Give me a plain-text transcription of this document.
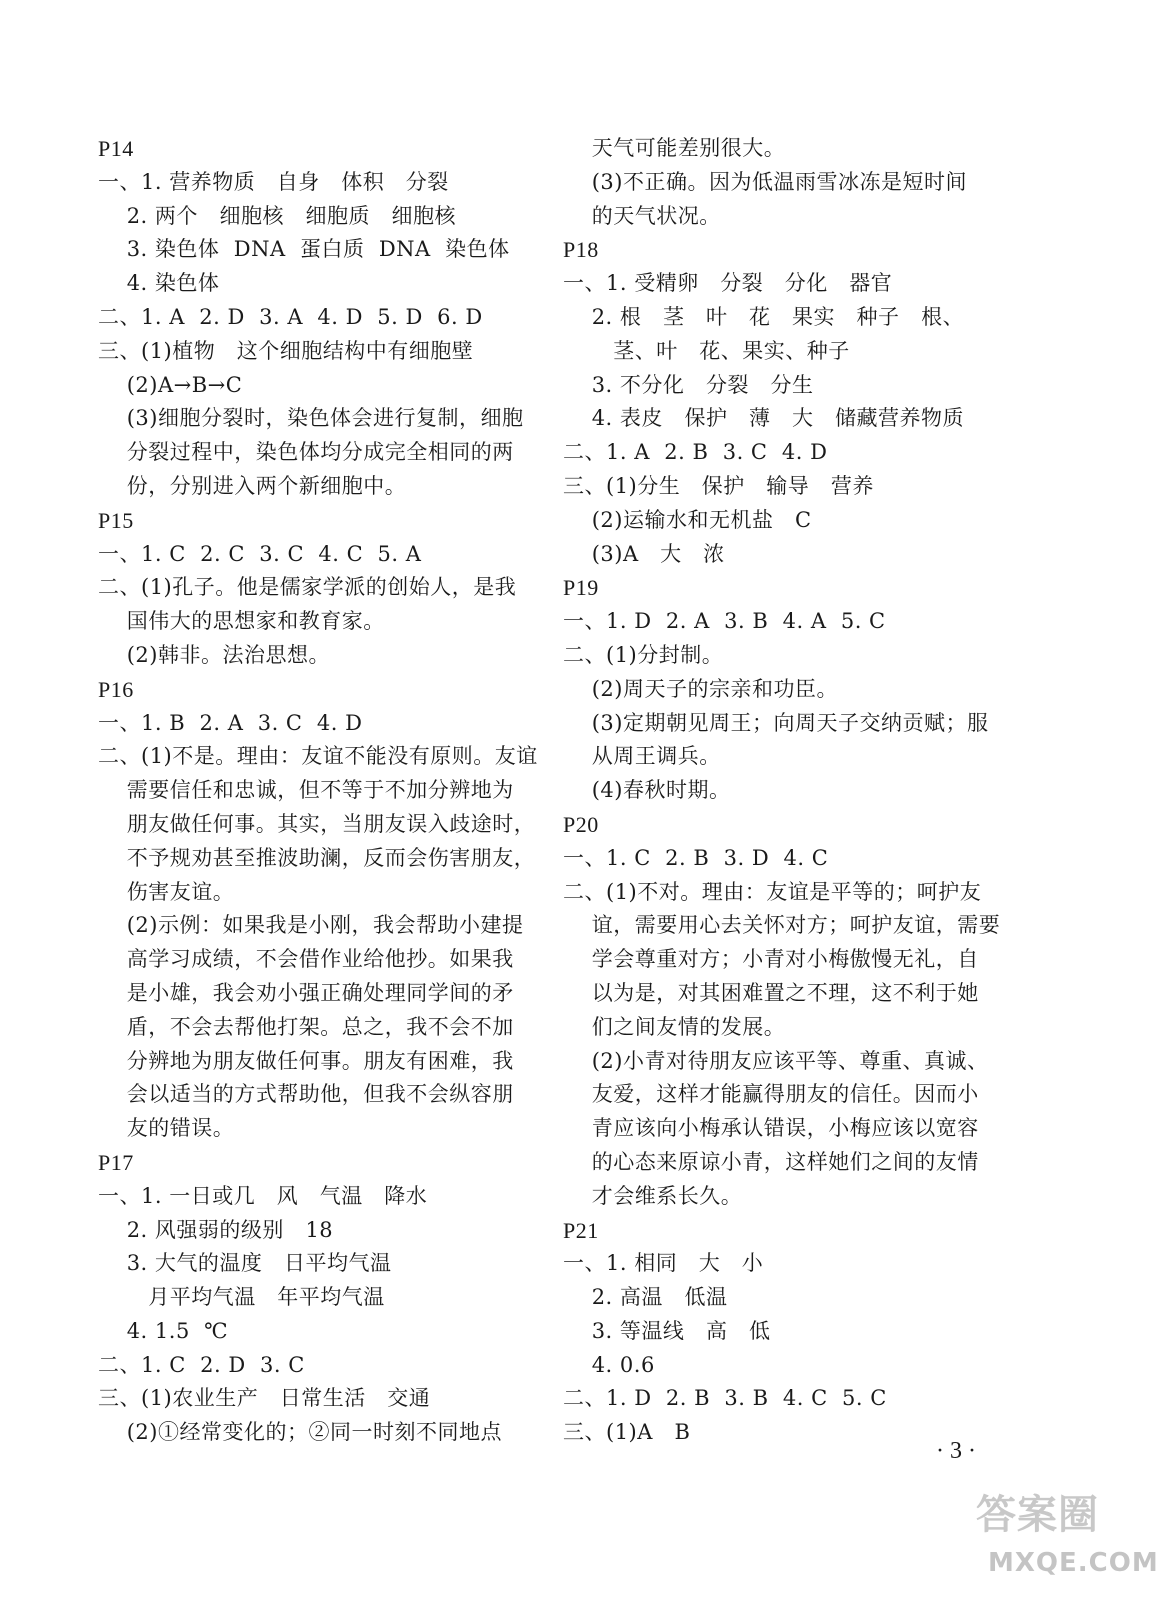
P14
一、1. 营养物质   自身   体积   分裂
2. 两个   细胞核   细胞质   细胞核
3. 染色体  DNA  蛋白质  DNA  染色体
4. 染色体
二、1. A  2. D  3. A  4. D  5. D  6. D
三、(1)植物   这个细胞结构中有细胞壁
(2)A→B→C
(3)细胞分裂时，染色体会进行复制，细胞
分裂过程中，染色体均分成完全相同的两
份，分别进入两个新细胞中。
P15
一、1. C  2. C  3. C  4. C  5. A
二、(1)孔子。他是儒家学派的创始人，是我
国伟大的思想家和教育家。
(2)韩非。法治思想。
P16
一、1. B  2. A  3. C  4. D
二、(1)不是。理由：友谊不能没有原则。友谊
需要信任和忠诚，但不等于不加分辨地为
朋友做任何事。其实，当朋友误入歧途时，
不予规劝甚至推波助澜，反而会伤害朋友，
伤害友谊。
(2)示例：如果我是小刚，我会帮助小建提
高学习成绩，不会借作业给他抄。如果我
是小雄，我会劝小强正确处理同学间的矛
盾，不会去帮他打架。总之，我不会不加
分辨地为朋友做任何事。朋友有困难，我
会以适当的方式帮助他，但我不会纵容朋
友的错误。
P17
一、1. 一日或几   风   气温   降水
2. 风强弱的级别   18
3. 大气的温度   日平均气温
月平均气温   年平均气温
4. 1.5  ℃
二、1. C  2. D  3. C
三、(1)农业生产   日常生活   交通
(2)①经常变化的；②同一时刻不同地点
天气可能差别很大。
(3)不正确。因为低温雨雪冰冻是短时间
的天气状况。
P18
一、1. 受精卵   分裂   分化   器官
2. 根   茎   叶   花   果实   种子   根、
茎、叶   花、果实、种子
3. 不分化   分裂   分生
4. 表皮   保护   薄   大   储藏营养物质
二、1. A  2. B  3. C  4. D
三、(1)分生   保护   输导   营养
(2)运输水和无机盐   C
(3)A   大   浓
P19
一、1. D  2. A  3. B  4. A  5. C
二、(1)分封制。
(2)周天子的宗亲和功臣。
(3)定期朝见周王；向周天子交纳贡赋；服
从周王调兵。
(4)春秋时期。
P20
一、1. C  2. B  3. D  4. C
二、(1)不对。理由：友谊是平等的；呵护友
谊，需要用心去关怀对方；呵护友谊，需要
学会尊重对方；小青对小梅傲慢无礼，自
以为是，对其困难置之不理，这不利于她
们之间友情的发展。
(2)小青对待朋友应该平等、尊重、真诚、
友爱，这样才能赢得朋友的信任。因而小
青应该向小梅承认错误，小梅应该以宽容
的心态来原谅小青，这样她们之间的友情
才会维系长久。
P21
一、1. 相同   大   小
2. 高温   低温
3. 等温线   高   低
4. 0.6
二、1. D  2. B  3. B  4. C  5. C
三、(1)A   B
· 3 ·
答案圈
MXQE.COM
